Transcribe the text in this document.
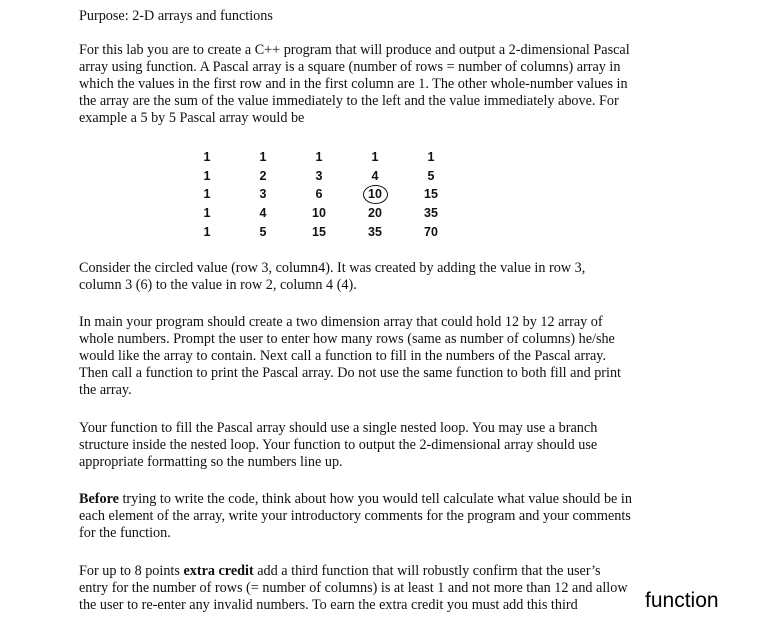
Purpose: 2-D arrays and functions
For this lab you are to create a C++ program that will produce and output a 2-dimensional Pascal
array using function. A Pascal array is a square (number of rows = number of columns) array in
which the values in the first row and in the first column are 1. The other whole-number values in
the array are the sum of the value immediately to the left and the value immediately above. For
example a 5 by 5 Pascal array would be
1	1	1	1	1
1	2	3	4	5
1	3	6	10	15
1	4	10	20	35
1	5	15	35	70
Consider the circled value (row 3, column4). It was created by adding the value in row 3,
column 3 (6) to the value in row 2, column 4 (4).
In main your program should create a two dimension array that could hold 12 by 12 array of
whole numbers. Prompt the user to enter how many rows (same as number of columns) he/she
would like the array to contain. Next call a function to fill in the numbers of the Pascal array.
Then call a function to print the Pascal array. Do not use the same function to both fill and print
the array.
Your function to fill the Pascal array should use a single nested loop. You may use a branch
structure inside the nested loop. Your function to output the 2-dimensional array should use
appropriate formatting so the numbers line up.
Before trying to write the code, think about how you would tell calculate what value should be in
each element of the array, write your introductory comments for the program and your comments
for the function.
For up to 8 points extra credit add a third function that will robustly confirm that the user’s
entry for the number of rows (= number of columns) is at least 1 and not more than 12 and allow
the user to re-enter any invalid numbers. To earn the extra credit you must add this third	function
